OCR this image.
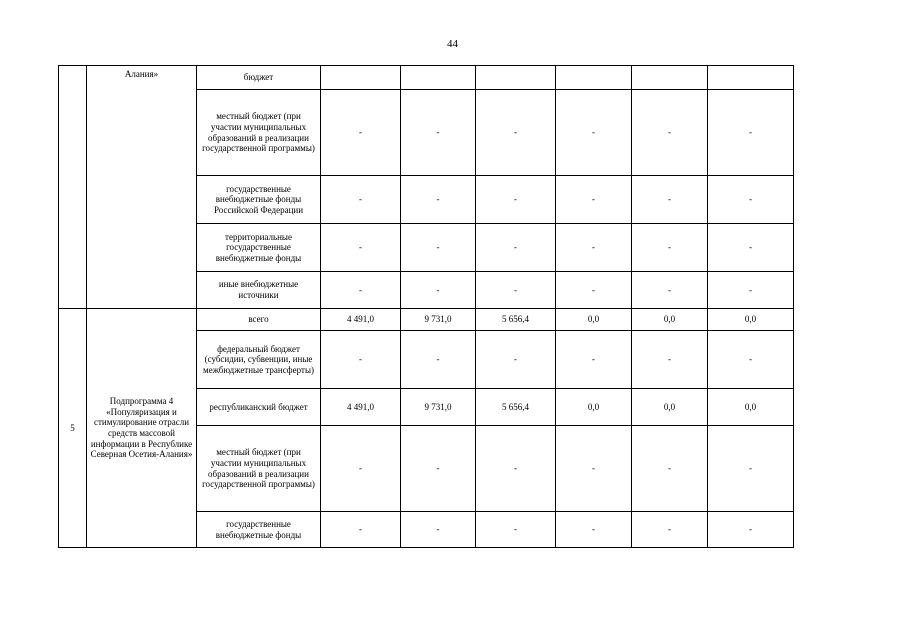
44
	Алания»	бюджет						
		местный бюджет (при участии муниципальных образований в реализации государственной программы)	-	-	-	-	-	-
		государственные внебюджетные фонды Российской Федерации	-	-	-	-	-	-
		территориальные государственные внебюджетные фонды	-	-	-	-	-	-
		иные внебюджетные источники	-	-	-	-	-	-
5	Подпрограмма 4 «Популяризация и стимулирование отрасли средств массовой информации в Республике Северная Осетия-Алания»	всего	4 491,0	9 731,0	5 656,4	0,0	0,0	0,0
		федеральный бюджет (субсидии, субвенции, иные межбюджетные трансферты)	-	-	-	-	-	-
		республиканский бюджет	4 491,0	9 731,0	5 656,4	0,0	0,0	0,0
		местный бюджет (при участии муниципальных образований в реализации государственной программы)	-	-	-	-	-	-
		государственные внебюджетные фонды	-	-	-	-	-	-
